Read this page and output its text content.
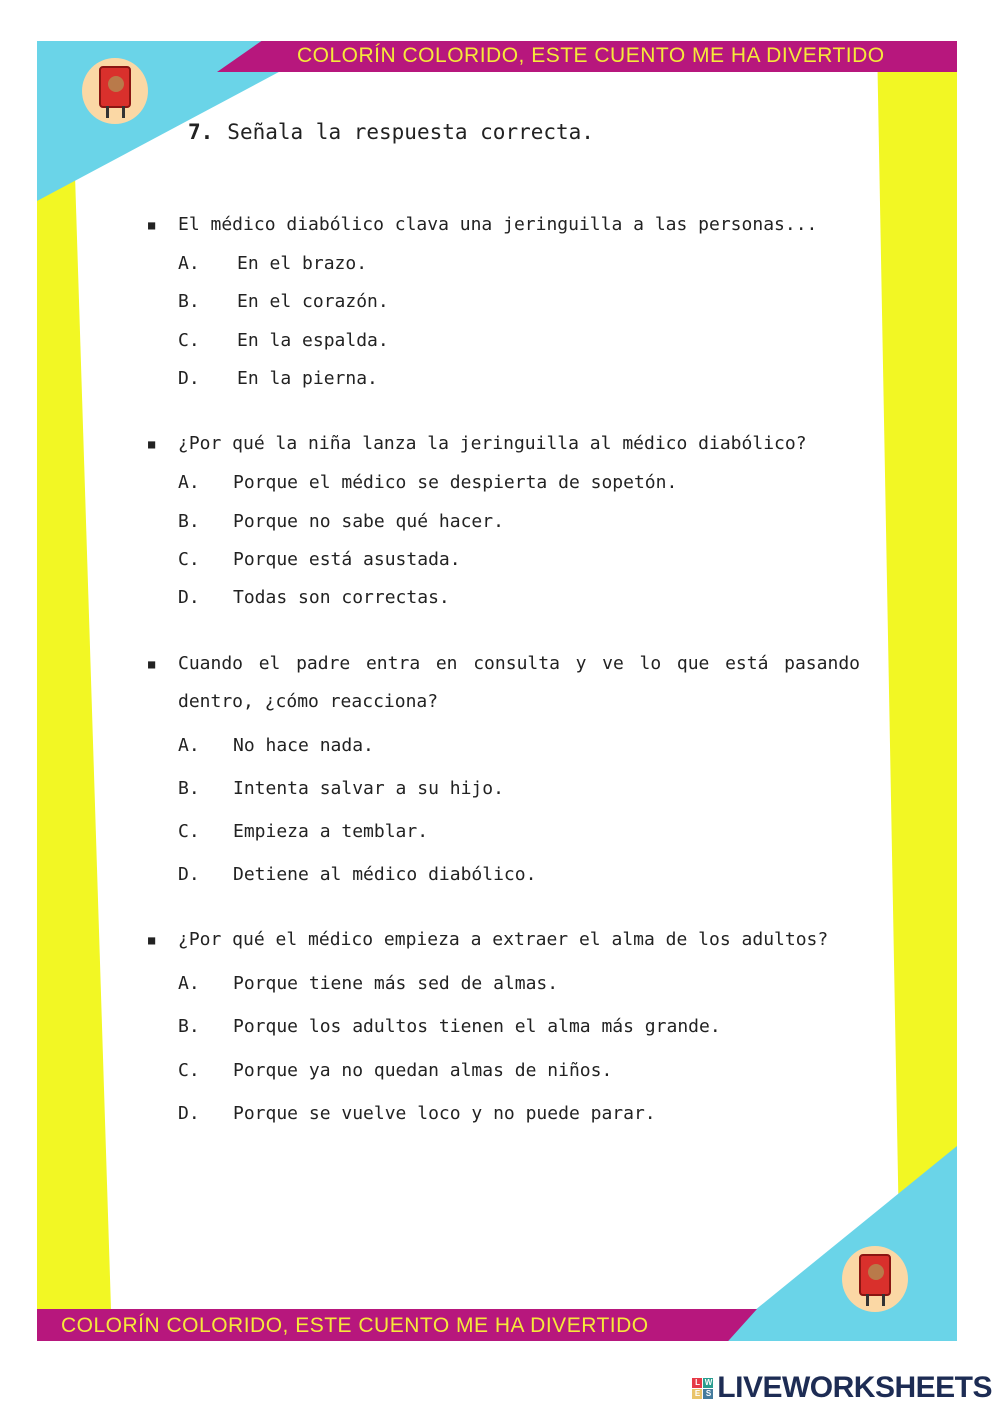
COLORÍN COLORIDO, ESTE CUENTO ME HA DIVERTIDO
COLORÍN COLORIDO, ESTE CUENTO ME HA DIVERTIDO
7. Señala la respuesta correcta.
■ El médico diabólico clava una jeringuilla a las personas...
A. En el brazo.
B. En el corazón.
C. En la espalda.
D. En la pierna.
■ ¿Por qué la niña lanza la jeringuilla al médico diabólico?
A. Porque el médico se despierta de sopetón.
B. Porque no sabe qué hacer.
C. Porque está asustada.
D. Todas son correctas.
■ Cuando el padre entra en consulta y ve lo que está pasando dentro, ¿cómo reacciona?
A. No hace nada.
B. Intenta salvar a su hijo.
C. Empieza a temblar.
D. Detiene al médico diabólico.
■ ¿Por qué el médico empieza a extraer el alma de los adultos?
A. Porque tiene más sed de almas.
B. Porque los adultos tienen el alma más grande.
C. Porque ya no quedan almas de niños.
D. Porque se vuelve loco y no puede parar.
L W
E S LIVEWORKSHEETS
